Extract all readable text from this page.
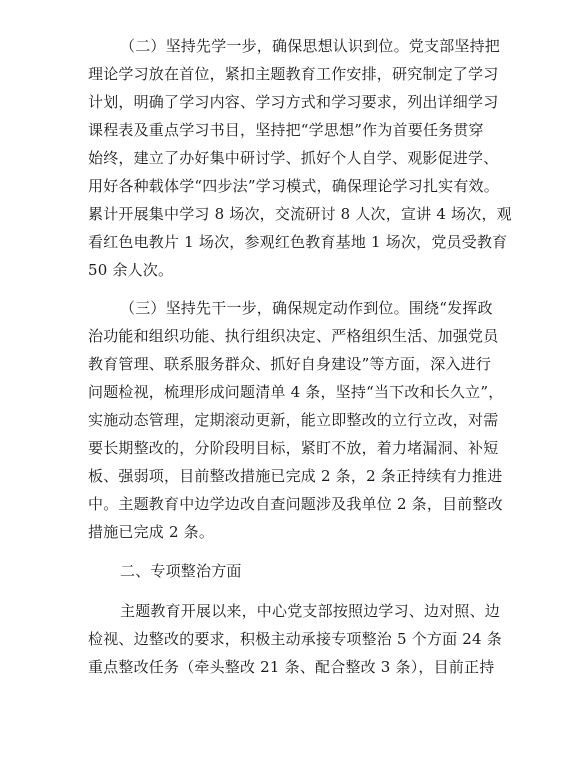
（二）坚持先学一步，确保思想认识到位。党支部坚持把
理论学习放在首位，紧扣主题教育工作安排，研究制定了学习
计划，明确了学习内容、学习方式和学习要求，列出详细学习
课程表及重点学习书目，坚持把“学思想”作为首要任务贯穿
始终，建立了办好集中研讨学、抓好个人自学、观影促进学、
用好各种载体学“四步法”学习模式，确保理论学习扎实有效。
累计开展集中学习 8 场次，交流研讨 8 人次，宣讲 4 场次，观
看红色电教片 1 场次，参观红色教育基地 1 场次，党员受教育
50 余人次。
（三）坚持先干一步，确保规定动作到位。围绕“发挥政
治功能和组织功能、执行组织决定、严格组织生活、加强党员
教育管理、联系服务群众、抓好自身建设”等方面，深入进行
问题检视，梳理形成问题清单 4 条，坚持“当下改和长久立”，
实施动态管理，定期滚动更新，能立即整改的立行立改，对需
要长期整改的，分阶段明目标，紧盯不放，着力堵漏洞、补短
板、强弱项，目前整改措施已完成 2 条，2 条正持续有力推进
中。主题教育中边学边改自查问题涉及我单位 2 条，目前整改
措施已完成 2 条。
二、专项整治方面
主题教育开展以来，中心党支部按照边学习、边对照、边
检视、边整改的要求，积极主动承接专项整治 5 个方面 24 条
重点整改任务（牵头整改 21 条、配合整改 3 条），目前正持
